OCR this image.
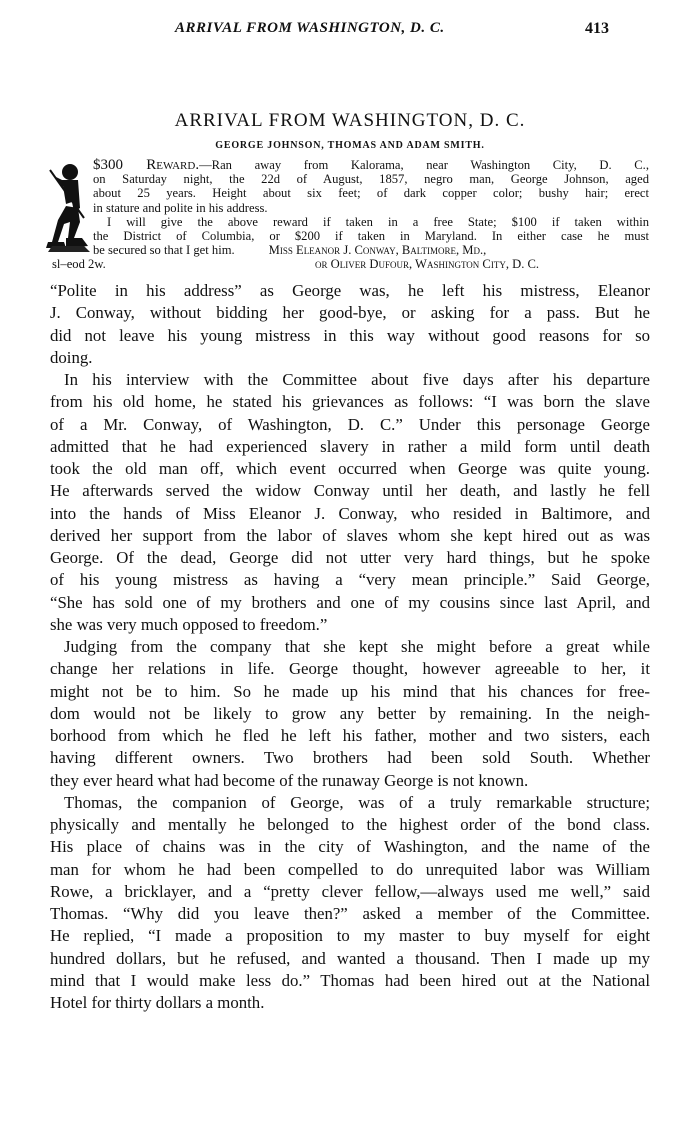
ARRIVAL FROM WASHINGTON, D. C.	413
ARRIVAL FROM WASHINGTON, D. C.
GEORGE JOHNSON, THOMAS AND ADAM SMITH.
$300 Reward.—Ran away from Kalorama, near Washington City, D. C.,
on Saturday night, the 22d of August, 1857, negro man, George Johnson, aged
about 25 years. Height about six feet; of dark copper color; bushy hair; erect
in stature and polite in his address.
I will give the above reward if taken in a free State; $100 if taken within
the District of Columbia, or $200 if taken in Maryland. In either case he must
be secured so that I get him.	Miss Eleanor J. Conway, Baltimore, Md.,
or Oliver Dufour, Washington City, D. C.
sl–eod 2w.
“Polite in his address” as George was, he left his mistress, Eleanor
J. Conway, without bidding her good-bye, or asking for a pass. But he
did not leave his young mistress in this way without good reasons for so
doing.
In his interview with the Committee about five days after his departure
from his old home, he stated his grievances as follows: “I was born the slave
of a Mr. Conway, of Washington, D. C.” Under this personage George
admitted that he had experienced slavery in rather a mild form until death
took the old man off, which event occurred when George was quite young.
He afterwards served the widow Conway until her death, and lastly he fell
into the hands of Miss Eleanor J. Conway, who resided in Baltimore, and
derived her support from the labor of slaves whom she kept hired out as was
George. Of the dead, George did not utter very hard things, but he spoke
of his young mistress as having a “very mean principle.” Said George,
“She has sold one of my brothers and one of my cousins since last April, and
she was very much opposed to freedom.”
Judging from the company that she kept she might before a great while
change her relations in life. George thought, however agreeable to her, it
might not be to him. So he made up his mind that his chances for free-
dom would not be likely to grow any better by remaining. In the neigh-
borhood from which he fled he left his father, mother and two sisters, each
having different owners. Two brothers had been sold South. Whether
they ever heard what had become of the runaway George is not known.
Thomas, the companion of George, was of a truly remarkable structure;
physically and mentally he belonged to the highest order of the bond class.
His place of chains was in the city of Washington, and the name of the
man for whom he had been compelled to do unrequited labor was William
Rowe, a bricklayer, and a “pretty clever fellow,—always used me well,” said
Thomas. “Why did you leave then?” asked a member of the Committee.
He replied, “I made a proposition to my master to buy myself for eight
hundred dollars, but he refused, and wanted a thousand. Then I made up my
mind that I would make less do.” Thomas had been hired out at the National
Hotel for thirty dollars a month.
